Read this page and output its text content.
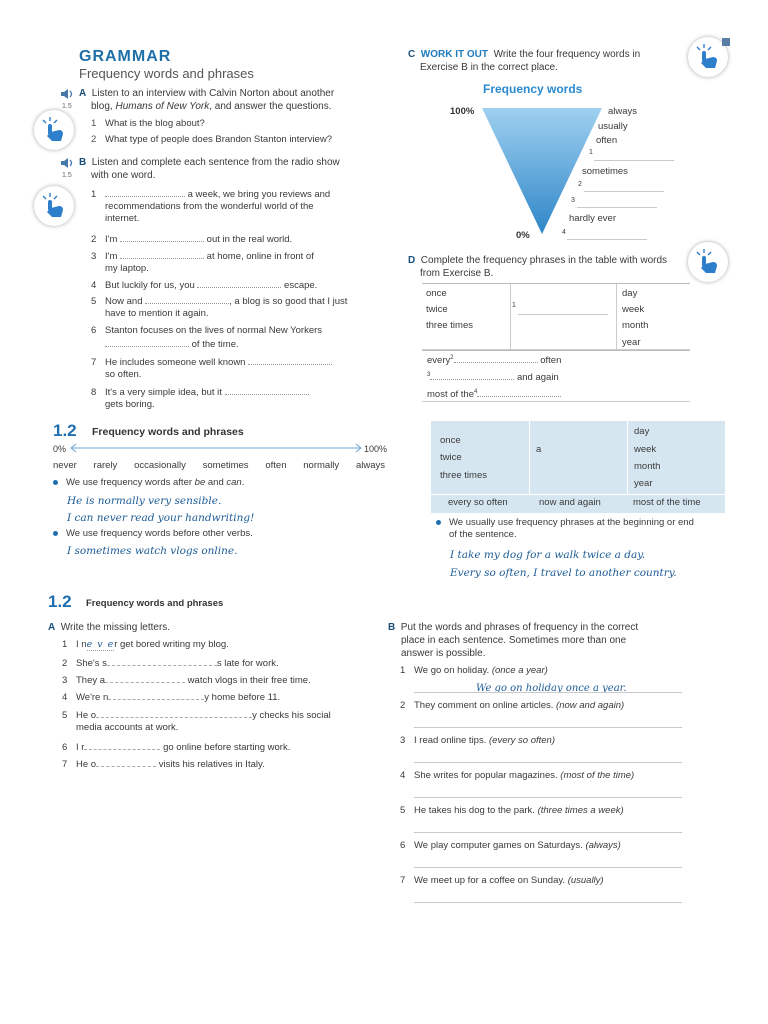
GRAMMAR
Frequency words and phrases
1.5
A Listen to an interview with Calvin Norton about another
blog, Humans of New York, and answer the questions.
1 What is the blog about?
2 What type of people does Brandon Stanton interview?
1.5
B Listen and complete each sentence from the radio show
with one word.
1	a week, we bring you reviews and
recommendations from the wonderful world of the
internet.
2 I'm	out in the real world.
3 I'm	at home, online in front of
my laptop.
4 But luckily for us, you	escape.
5 Now and	, a blog is so good that I just
have to mention it again.
6 Stanton focuses on the lives of normal New Yorkers
of the time.
7 He includes someone well known
so often.
8 It's a very simple idea, but it
gets boring.
C WORK IT OUT Write the four frequency words in
Exercise B in the correct place.
Frequency words
100%
0%
always
usually
often
1
sometimes
2
3
hardly ever
4
D Complete the frequency phrases in the table with words
from Exercise B.
once
twice
three times
1
day
week
month
year
every$^2$	often
$^3$	and again
most of the$^4$
1.2 Frequency words and phrases
0%	100%
never rarely occasionally sometimes often normally always
We use frequency words after be and can.
He is normally very sensible.
I can never read your handwriting!
We use frequency words before other verbs.
I sometimes watch vlogs online.
once
twice
three times
a
day
week
month
year
every so often	now and again	most of the time
We usually use frequency phrases at the beginning or end
of the sentence.
I take my dog for a walk twice a day.
Every so often, I travel to another country.
1.2 Frequency words and phrases
A Write the missing letters.
1 I ne v er get bored writing my blog.
2 She's s	s late for work.
3 They a	watch vlogs in their free time.
4 We're n	y home before 11.
5 He o	y checks his social
media accounts at work.
6 I r	go online before starting work.
7 He o	visits his relatives in Italy.
B Put the words and phrases of frequency in the correct
place in each sentence. Sometimes more than one
answer is possible.
1 We go on holiday. (once a year)
We go on holiday once a year.
2 They comment on online articles. (now and again)
3 I read online tips. (every so often)
4 She writes for popular magazines. (most of the time)
5 He takes his dog to the park. (three times a week)
6 We play computer games on Saturdays. (always)
7 We meet up for a coffee on Sunday. (usually)
